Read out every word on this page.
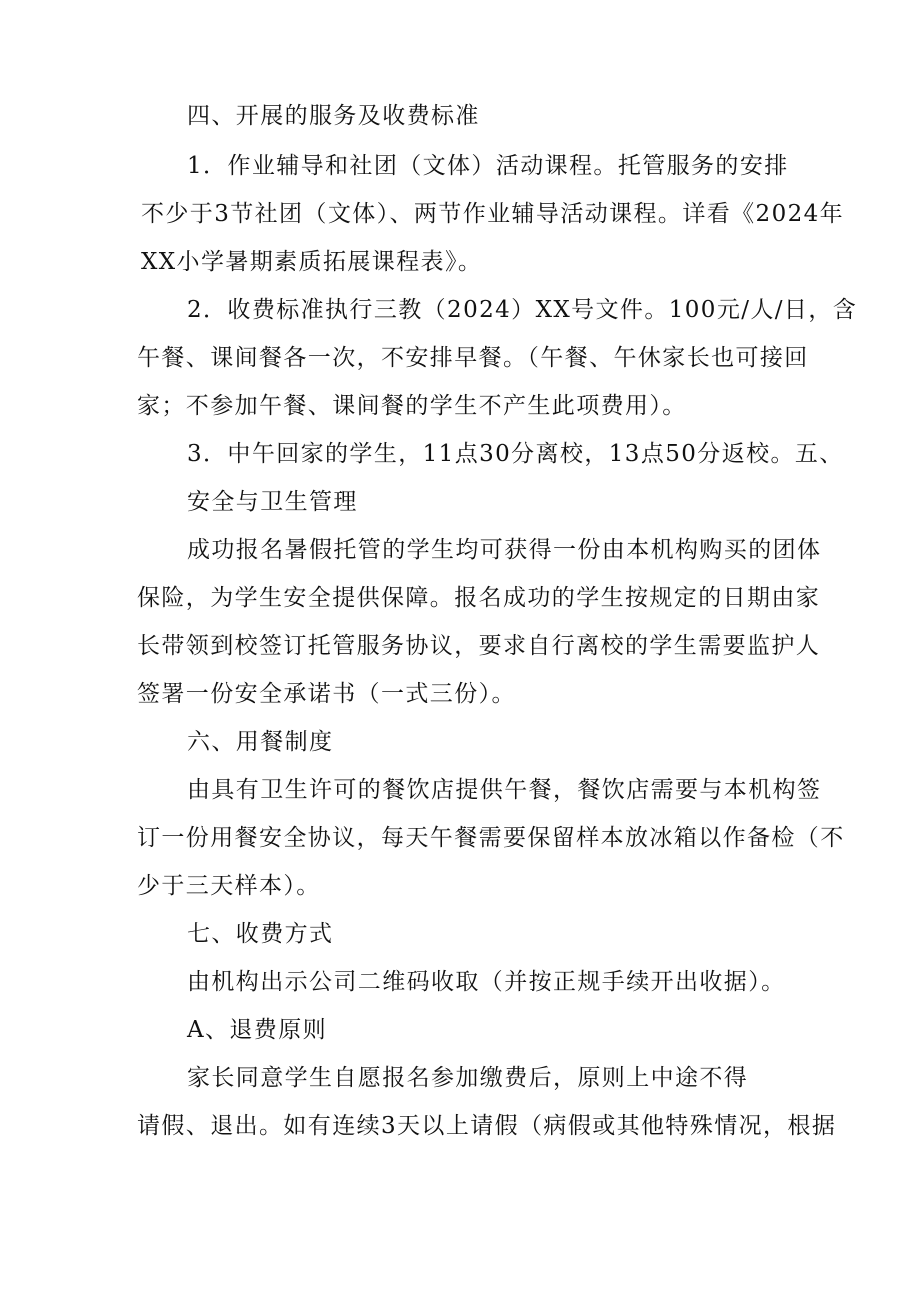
四、开展的服务及收费标准
1．作业辅导和社团（文体）活动课程。托管服务的安排
不少于3节社团（文体）、两节作业辅导活动课程。详看《2024年
XX小学暑期素质拓展课程表》。
2．收费标准执行三教（2024）XX号文件。100元/人/日，含
午餐、课间餐各一次，不安排早餐。（午餐、午休家长也可接回
家；不参加午餐、课间餐的学生不产生此项费用）。
3．中午回家的学生，11点30分离校，13点50分返校。五、
安全与卫生管理
成功报名暑假托管的学生均可获得一份由本机构购买的团体
保险，为学生安全提供保障。报名成功的学生按规定的日期由家
长带领到校签订托管服务协议，要求自行离校的学生需要监护人
签署一份安全承诺书（一式三份）。
六、用餐制度
由具有卫生许可的餐饮店提供午餐，餐饮店需要与本机构签
订一份用餐安全协议，每天午餐需要保留样本放冰箱以作备检（不
少于三天样本）。
七、收费方式
由机构出示公司二维码收取（并按正规手续开出收据）。
A、退费原则
家长同意学生自愿报名参加缴费后，原则上中途不得
请假、退出。如有连续3天以上请假（病假或其他特殊情况，根据
